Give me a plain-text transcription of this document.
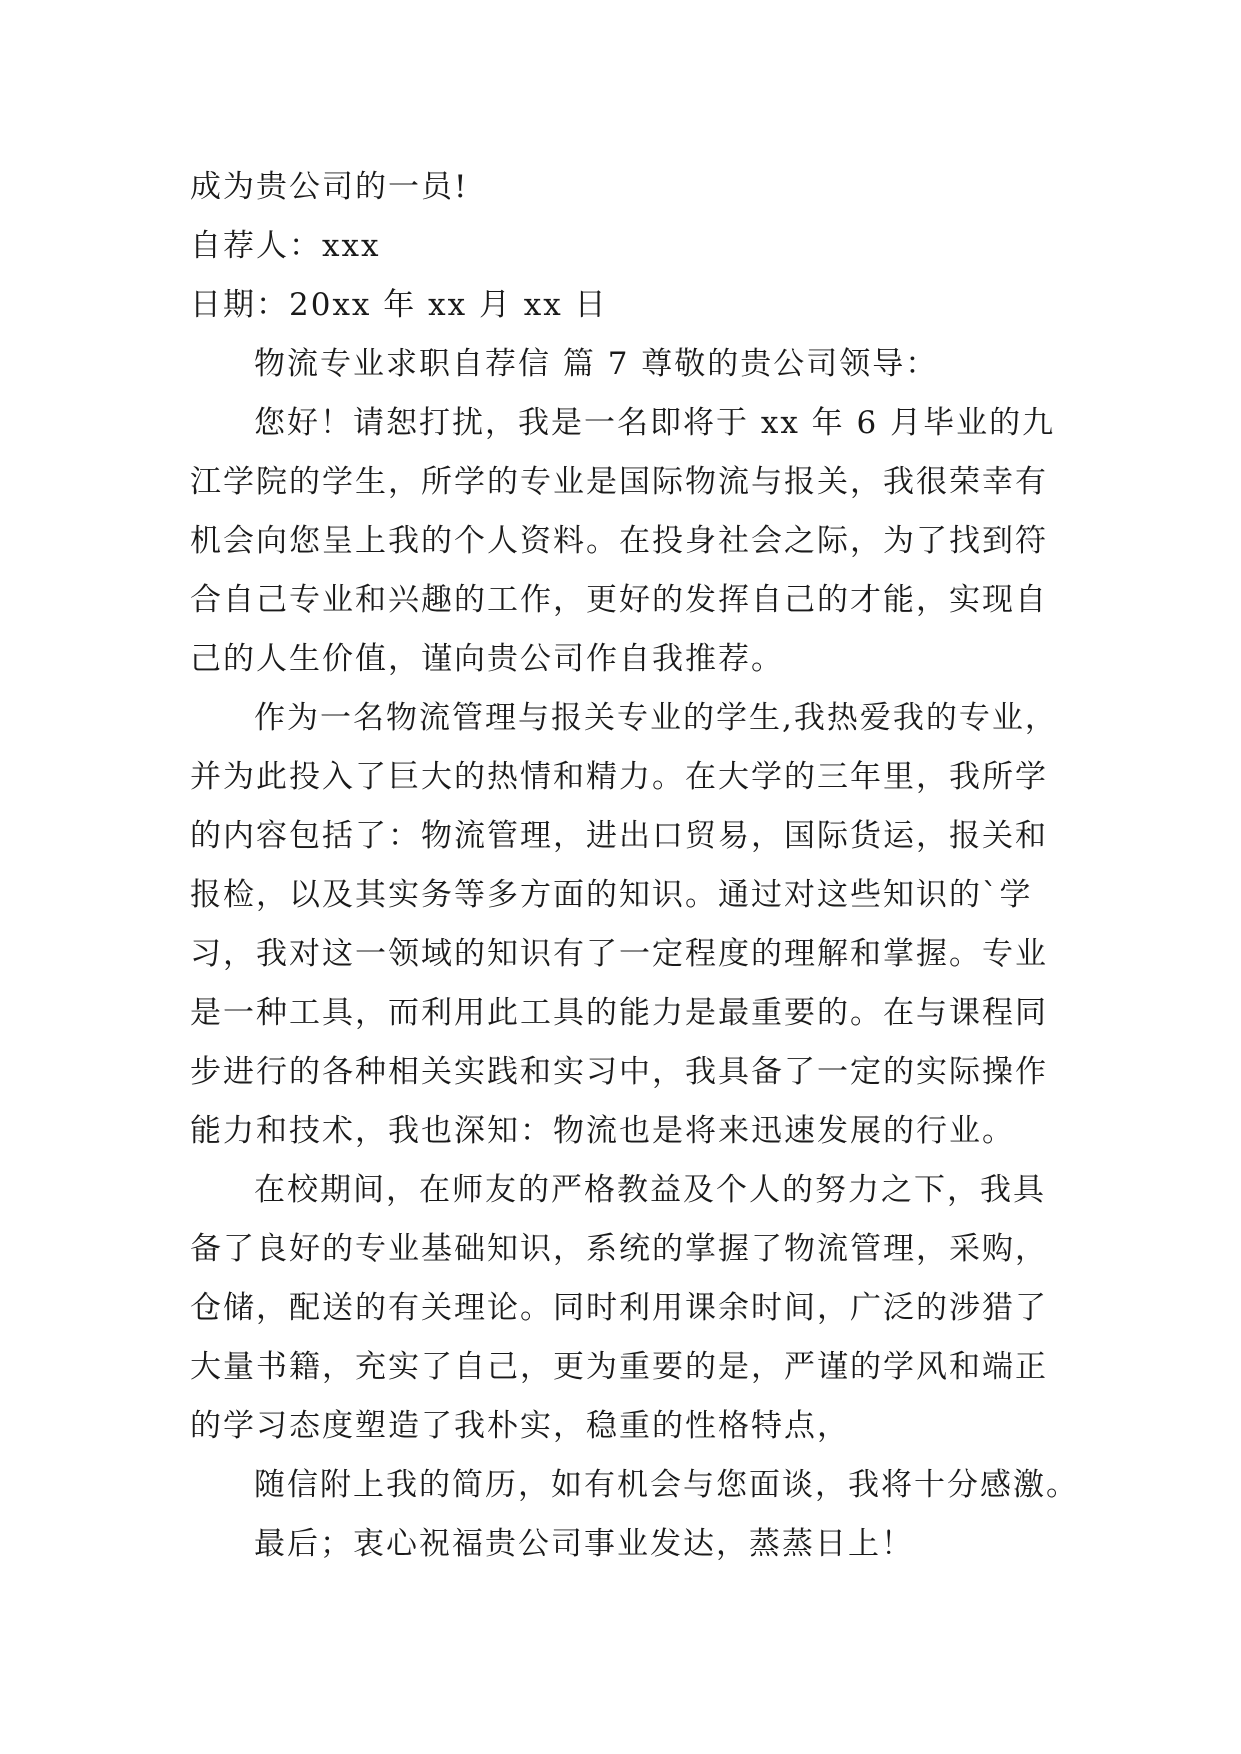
成为贵公司的一员!
自荐人：xxx
日期：20xx 年 xx 月 xx 日
物流专业求职自荐信 篇 7 尊敬的贵公司领导：
您好！请恕打扰，我是一名即将于 xx 年 6 月毕业的九
江学院的学生，所学的专业是国际物流与报关，我很荣幸有
机会向您呈上我的个人资料。在投身社会之际，为了找到符
合自己专业和兴趣的工作，更好的发挥自己的才能，实现自
己的人生价值，谨向贵公司作自我推荐。
作为一名物流管理与报关专业的学生,我热爱我的专业，
并为此投入了巨大的热情和精力。在大学的三年里，我所学
的内容包括了：物流管理，进出口贸易，国际货运，报关和
报检，以及其实务等多方面的知识。通过对这些知识的`学
习，我对这一领域的知识有了一定程度的理解和掌握。专业
是一种工具，而利用此工具的能力是最重要的。在与课程同
步进行的各种相关实践和实习中，我具备了一定的实际操作
能力和技术，我也深知：物流也是将来迅速发展的行业。
在校期间，在师友的严格教益及个人的努力之下，我具
备了良好的专业基础知识，系统的掌握了物流管理，采购，
仓储，配送的有关理论。同时利用课余时间，广泛的涉猎了
大量书籍，充实了自己，更为重要的是，严谨的学风和端正
的学习态度塑造了我朴实，稳重的性格特点，
随信附上我的简历，如有机会与您面谈，我将十分感激。
最后；衷心祝福贵公司事业发达，蒸蒸日上！
